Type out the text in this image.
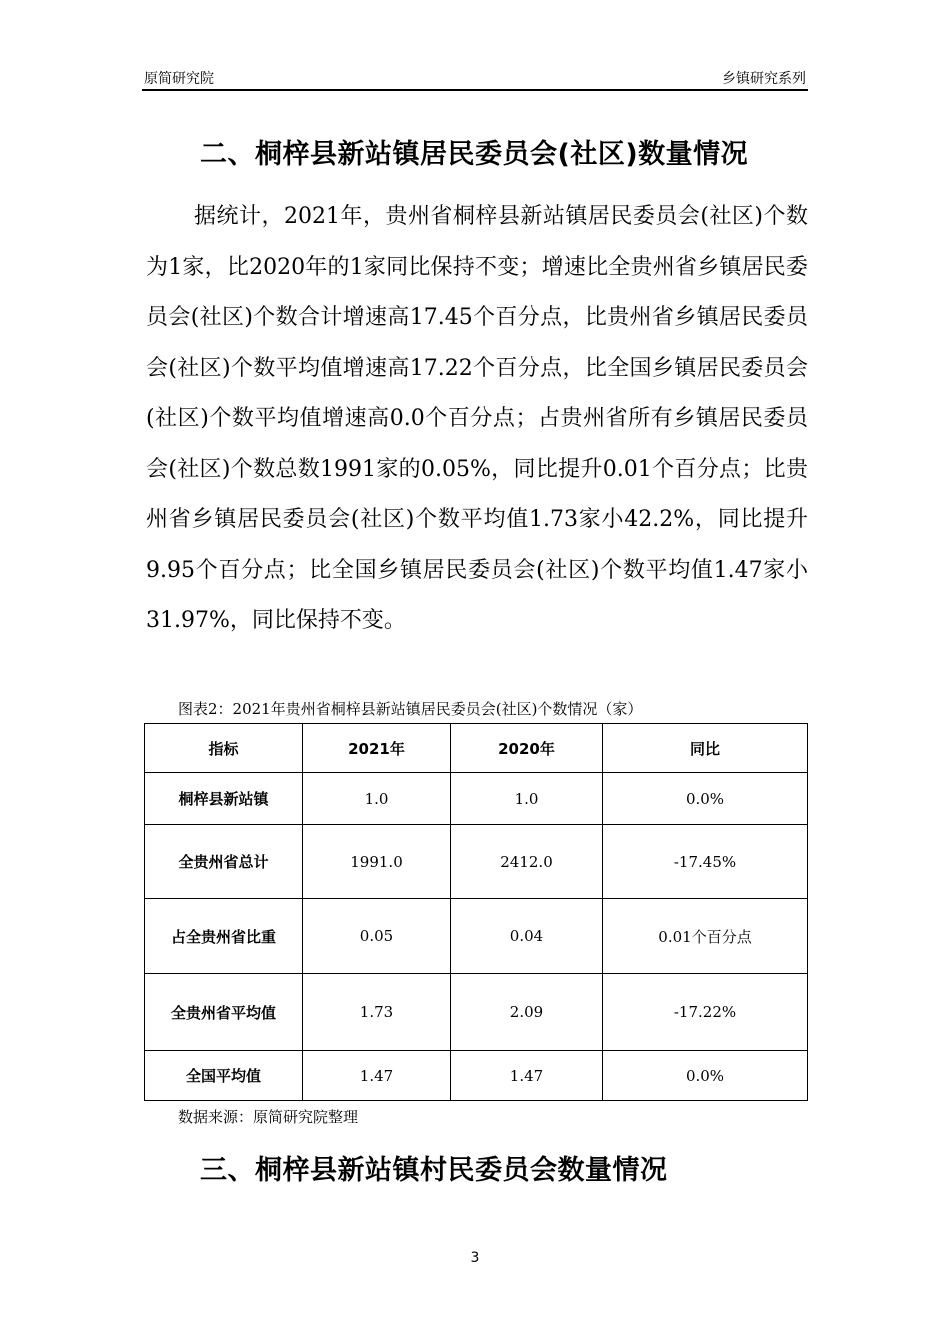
原简研究院	乡镇研究系列
二、桐梓县新站镇居民委员会(社区)数量情况
据统计，2021年，贵州省桐梓县新站镇居民委员会(社区)个数为1家，比2020年的1家同比保持不变；增速比全贵州省乡镇居民委员会(社区)个数合计增速高17.45个百分点，比贵州省乡镇居民委员会(社区)个数平均值增速高17.22个百分点，比全国乡镇居民委员会(社区)个数平均值增速高0.0个百分点；占贵州省所有乡镇居民委员会(社区)个数总数1991家的0.05%，同比提升0.01个百分点；比贵州省乡镇居民委员会(社区)个数平均值1.73家小42.2%，同比提升9.95个百分点；比全国乡镇居民委员会(社区)个数平均值1.47家小31.97%，同比保持不变。
图表2：2021年贵州省桐梓县新站镇居民委员会(社区)个数情况（家）
指标	2021年	2020年	同比
桐梓县新站镇	1.0	1.0	0.0%
全贵州省总计	1991.0	2412.0	-17.45%
占全贵州省比重	0.05	0.04	0.01个百分点
全贵州省平均值	1.73	2.09	-17.22%
全国平均值	1.47	1.47	0.0%
数据来源：原简研究院整理
三、桐梓县新站镇村民委员会数量情况
3
